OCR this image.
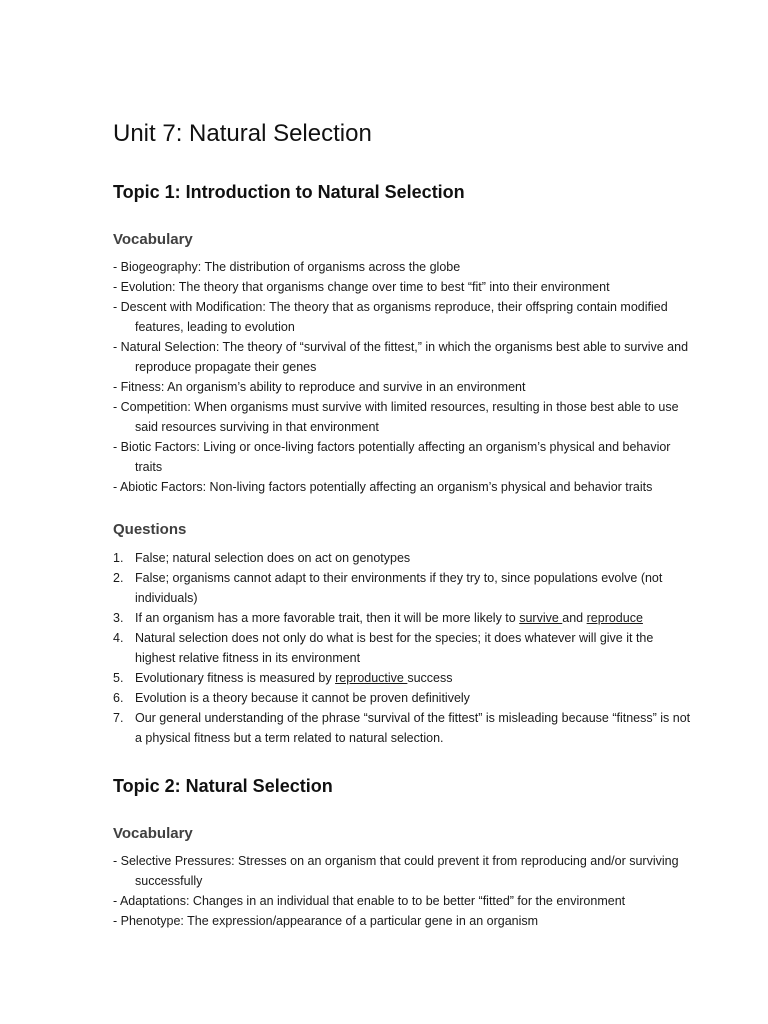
Unit 7: Natural Selection
Topic 1: Introduction to Natural Selection
Vocabulary
- Biogeography: The distribution of organisms across the globe
- Evolution: The theory that organisms change over time to best “fit” into their environment
- Descent with Modification: The theory that as organisms reproduce, their offspring contain modified features, leading to evolution
- Natural Selection: The theory of “survival of the fittest,” in which the organisms best able to survive and reproduce propagate their genes
- Fitness: An organism’s ability to reproduce and survive in an environment
- Competition: When organisms must survive with limited resources, resulting in those best able to use said resources surviving in that environment
- Biotic Factors: Living or once-living factors potentially affecting an organism’s physical and behavior traits
- Abiotic Factors: Non-living factors potentially affecting an organism’s physical and behavior traits
Questions
1. False; natural selection does on act on genotypes
2. False; organisms cannot adapt to their environments if they try to, since populations evolve (not individuals)
3. If an organism has a more favorable trait, then it will be more likely to survive and reproduce
4. Natural selection does not only do what is best for the species; it does whatever will give it the highest relative fitness in its environment
5. Evolutionary fitness is measured by reproductive success
6. Evolution is a theory because it cannot be proven definitively
7. Our general understanding of the phrase “survival of the fittest” is misleading because “fitness” is not a physical fitness but a term related to natural selection.
Topic 2: Natural Selection
Vocabulary
- Selective Pressures: Stresses on an organism that could prevent it from reproducing and/or surviving successfully
- Adaptations: Changes in an individual that enable to to be better “fitted” for the environment
- Phenotype: The expression/appearance of a particular gene in an organism
